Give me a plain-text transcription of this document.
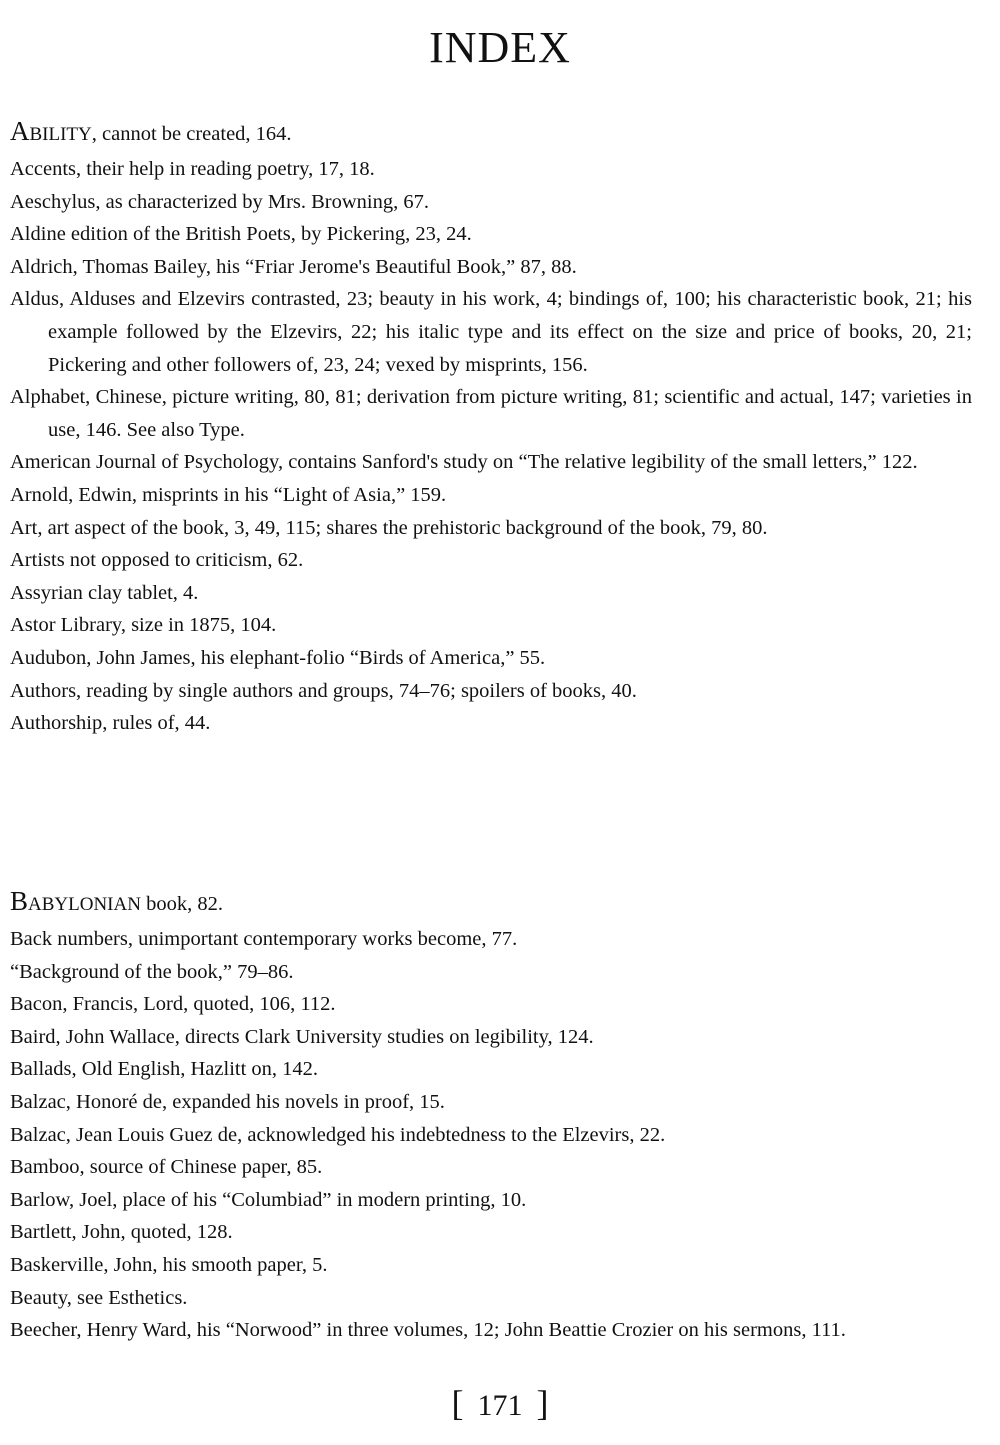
INDEX
Ability, cannot be created, 164.
Accents, their help in reading poetry, 17, 18.
Aeschylus, as characterized by Mrs. Browning, 67.
Aldine edition of the British Poets, by Pickering, 23, 24.
Aldrich, Thomas Bailey, his “Friar Jerome's Beautiful Book,” 87, 88.
Aldus, Alduses and Elzevirs contrasted, 23; beauty in his work, 4; bindings of, 100; his characteristic book, 21; his example followed by the Elzevirs, 22; his italic type and its effect on the size and price of books, 20, 21; Pickering and other followers of, 23, 24; vexed by misprints, 156.
Alphabet, Chinese, picture writing, 80, 81; derivation from picture writing, 81; scientific and actual, 147; varieties in use, 146. See also Type.
American Journal of Psychology, contains Sanford's study on “The relative legibility of the small letters,” 122.
Arnold, Edwin, misprints in his “Light of Asia,” 159.
Art, art aspect of the book, 3, 49, 115; shares the prehistoric background of the book, 79, 80.
Artists not opposed to criticism, 62.
Assyrian clay tablet, 4.
Astor Library, size in 1875, 104.
Audubon, John James, his elephant-folio “Birds of America,” 55.
Authors, reading by single authors and groups, 74–76; spoilers of books, 40.
Authorship, rules of, 44.
Babylonian book, 82.
Back numbers, unimportant contemporary works become, 77.
“Background of the book,” 79–86.
Bacon, Francis, Lord, quoted, 106, 112.
Baird, John Wallace, directs Clark University studies on legibility, 124.
Ballads, Old English, Hazlitt on, 142.
Balzac, Honoré de, expanded his novels in proof, 15.
Balzac, Jean Louis Guez de, acknowledged his indebtedness to the Elzevirs, 22.
Bamboo, source of Chinese paper, 85.
Barlow, Joel, place of his “Columbiad” in modern printing, 10.
Bartlett, John, quoted, 128.
Baskerville, John, his smooth paper, 5.
Beauty, see Esthetics.
Beecher, Henry Ward, his “Norwood” in three volumes, 12; John Beattie Crozier on his sermons, 111.
[ 171 ]
